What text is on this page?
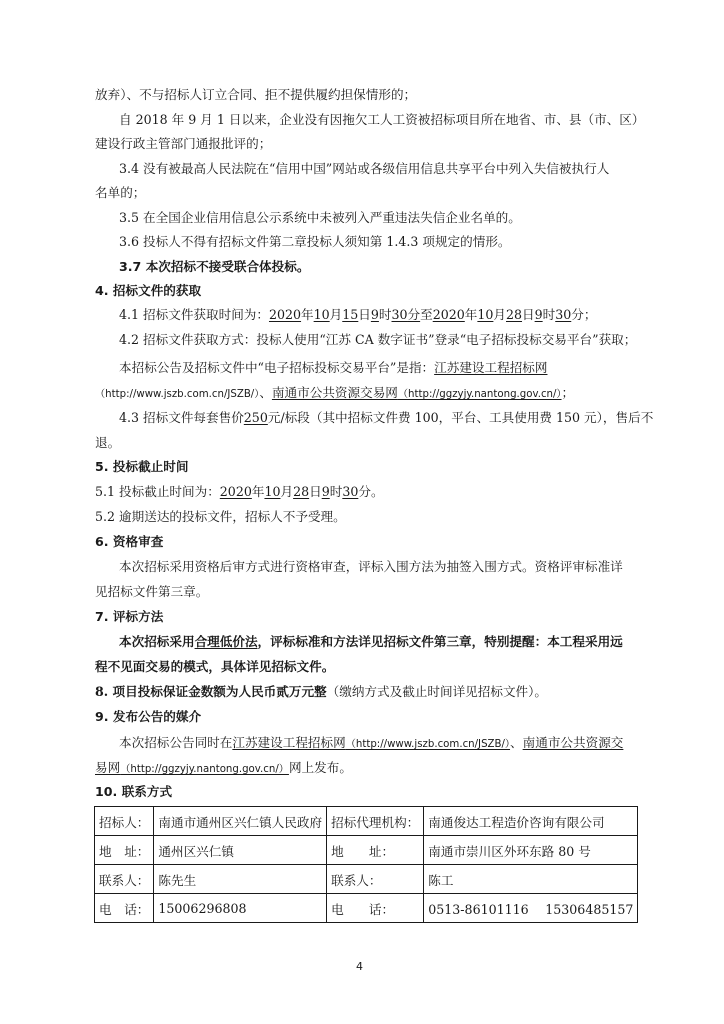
放弃）、不与招标人订立合同、拒不提供履约担保情形的；
自 2018 年 9 月 1 日以来，企业没有因拖欠工人工资被招标项目所在地省、市、县（市、区）
建设行政主管部门通报批评的；
3.4 没有被最高人民法院在“信用中国”网站或各级信用信息共享平台中列入失信被执行人
名单的；
3.5 在全国企业信用信息公示系统中未被列入严重违法失信企业名单的。
3.6 投标人不得有招标文件第二章投标人须知第 1.4.3 项规定的情形。
3.7 本次招标不接受联合体投标。
4. 招标文件的获取
4.1 招标文件获取时间为：2020年10月15日9时30分至2020年10月28日9时30分；
4.2 招标文件获取方式：投标人使用“江苏 CA 数字证书”登录“电子招标投标交易平台”获取；
本招标公告及招标文件中“电子招标投标交易平台”是指：江苏建设工程招标网
（http://www.jszb.com.cn/JSZB/）、南通市公共资源交易网（http://ggzyjy.nantong.gov.cn/）；
4.3 招标文件每套售价250元/标段（其中招标文件费 100，平台、工具使用费 150 元），售后不
退。
5. 投标截止时间
5.1 投标截止时间为：2020年10月28日9时30分。
5.2 逾期送达的投标文件，招标人不予受理。
6. 资格审查
本次招标采用资格后审方式进行资格审查，评标入围方法为抽签入围方式。资格评审标准详
见招标文件第三章。
7. 评标方法
本次招标采用合理低价法，评标标准和方法详见招标文件第三章，特别提醒：本工程采用远
程不见面交易的模式，具体详见招标文件。
8. 项目投标保证金数额为人民币贰万元整（缴纳方式及截止时间详见招标文件）。
9. 发布公告的媒介
本次招标公告同时在江苏建设工程招标网（http://www.jszb.com.cn/JSZB/）、南通市公共资源交
易网（http://ggzyjy.nantong.gov.cn/）网上发布。
10. 联系方式
招标人：	南通市通州区兴仁镇人民政府	招标代理机构：	南通俊达工程造价咨询有限公司
地　址：	通州区兴仁镇	地　　址：	南通市崇川区外环东路 80 号
联系人：	陈先生	联系人：	陈工
电　话：	15006296808	电　　话：	0513-86101116　 15306485157
4
